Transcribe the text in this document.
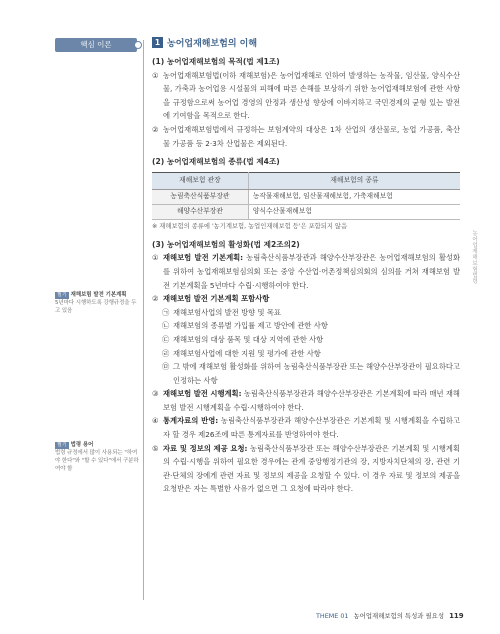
핵심 이론
필기 재해보험 발전 기본계획
5년마다 시행하도록 강행규정을 두고 있음
필기 법령 용어
법령 규정에서 많이 사용되는 "하여야 한다"와 "할 수 있다"에서 구분하여야 함
1 농어업재해보험의 이해
(1) 농어업재해보험의 목적(법 제1조)
① 농어업재해보험법(이하 재해보험)은 농어업재해로 인하여 발생하는 농작물, 임산물, 양식수산물, 가축과 농어업용 시설물의 피해에 따른 손해를 보상하기 위한 농어업재해보험에 관한 사항을 규정함으로써 농어업 경영의 안정과 생산성 향상에 이바지하고 국민경제의 균형 있는 발전에 기여함을 목적으로 한다.
② 농어업재해보험법에서 규정하는 보험계약의 대상은 1차 산업의 생산물로, 농업 가공품, 축산물 가공품 등 2·3차 산업물은 제외된다.
(2) 농어업재해보험의 종류(법 제4조)
재해보험 관장	재해보험의 종류
농림축산식품부장관	농작물재해보험, 임산물재해보험, 가축재해보험
해양수산부장관	양식수산물재해보험
※ 재해보험의 종류에 '농기계보험, 농업인재해보험 등'은 포함되지 않음
(3) 농어업재해보험의 활성화(법 제2조의2)
① 재해보험 발전 기본계획: 농림축산식품부장관과 해양수산부장관은 농어업재해보험의 활성화를 위하여 농업재해보험심의회 또는 중앙 수산업·어촌정책심의회의 심의를 거쳐 재해보험 발전 기본계획을 5년마다 수립·시행하여야 한다.
② 재해보험 발전 기본계획 포함사항
㉠ 재해보험사업의 발전 방향 및 목표
㉡ 재해보험의 종류별 가입률 제고 방안에 관한 사항
㉢ 재해보험의 대상 품목 및 대상 지역에 관한 사항
㉣ 재해보험사업에 대한 지원 및 평가에 관한 사항
㉤ 그 밖에 재해보험 활성화를 위하여 농림축산식품부장관 또는 해양수산부장관이 필요하다고 인정하는 사항
③ 재해보험 발전 시행계획: 농림축산식품부장관과 해양수산부장관은 기본계획에 따라 매년 재해보험 발전 시행계획을 수립·시행하여야 한다.
④ 통계자료의 반영: 농림축산식품부장관과 해양수산부장관은 기본계획 및 시행계획을 수립하고자 할 경우 제26조에 따른 통계자료를 반영하여야 한다.
⑤ 자료 및 정보의 제공 요청: 농림축산식품부장관 또는 해양수산부장관은 기본계획 및 시행계획의 수립·시행을 위하여 필요한 경우에는 관계 중앙행정기관의 장, 지방자치단체의 장, 관련 기관·단체의 장에게 관련 자료 및 정보의 제공을 요청할 수 있다. 이 경우 자료 및 정보의 제공을 요청받은 자는 특별한 사유가 없으면 그 요청에 따라야 한다.
농어업재해보험법령
THEME 01 농어업재해보험의 특성과 필요성 119
